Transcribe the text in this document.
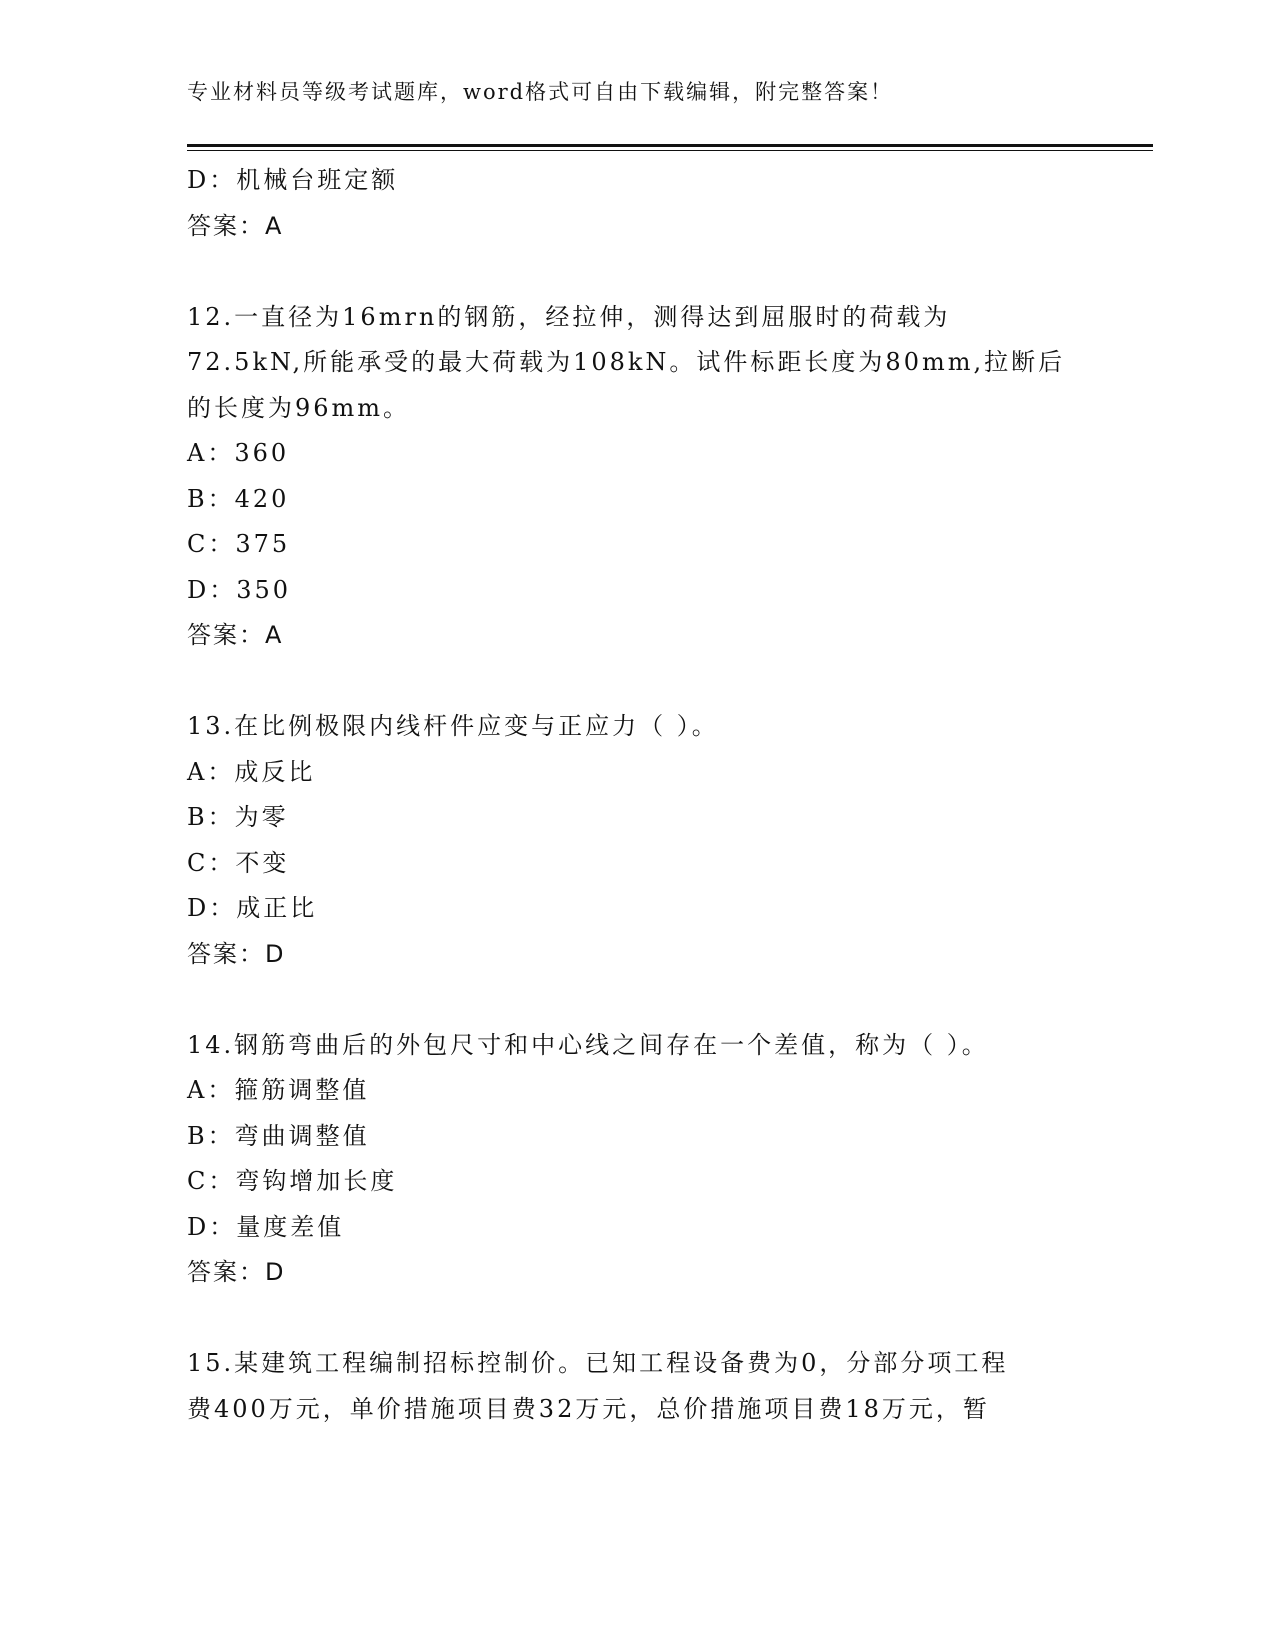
专业材料员等级考试题库，word格式可自由下载编辑，附完整答案！
D：机械台班定额
答案：A
12.一直径为16mrn的钢筋，经拉伸，测得达到屈服时的荷载为
72.5kN,所能承受的最大荷载为108kN。试件标距长度为80mm,拉断后
的长度为96mm。
A：360
B：420
C：375
D：350
答案：A
13.在比例极限内线杆件应变与正应力（ ）。
A：成反比
B：为零
C：不变
D：成正比
答案：D
14.钢筋弯曲后的外包尺寸和中心线之间存在一个差值，称为（ ）。
A：箍筋调整值
B：弯曲调整值
C：弯钩增加长度
D：量度差值
答案：D
15.某建筑工程编制招标控制价。已知工程设备费为0，分部分项工程
费400万元，单价措施项目费32万元，总价措施项目费18万元，暂
